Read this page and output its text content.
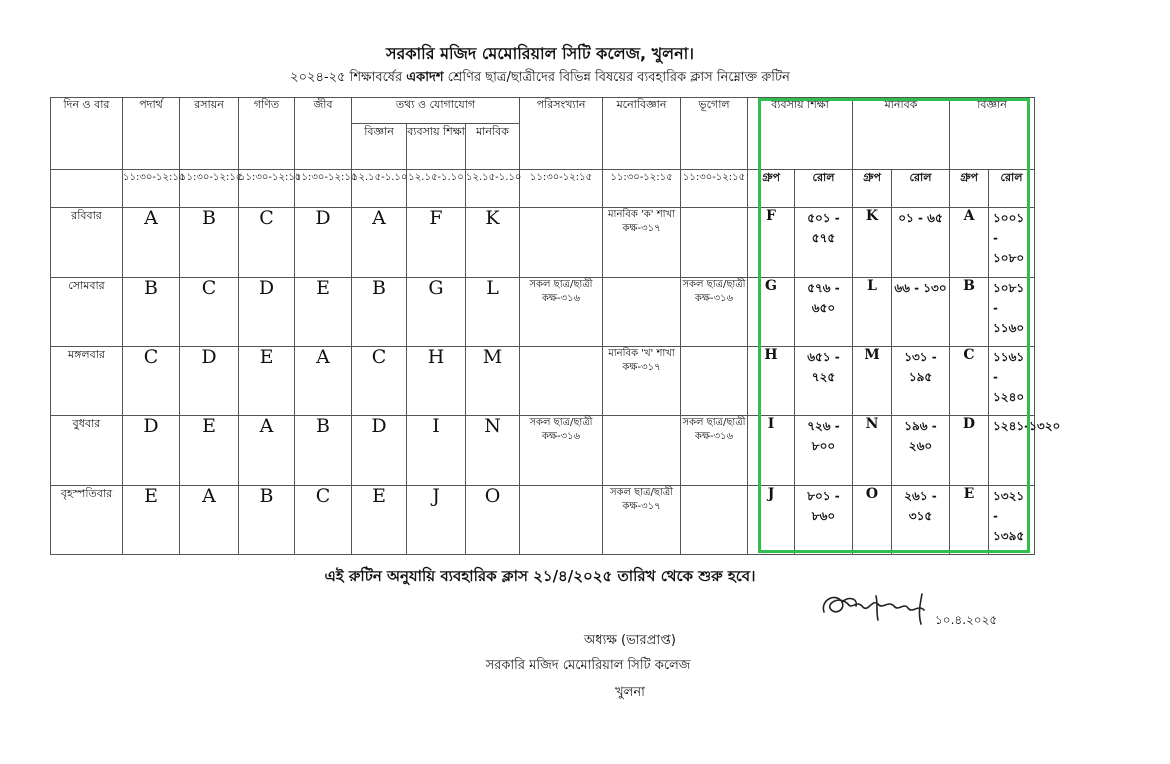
সরকারি মজিদ মেমোরিয়াল সিটি কলেজ, খুলনা।
২০২৪-২৫ শিক্ষাবর্ষের একাদশ শ্রেণির ছাত্র/ছাত্রীদের বিভিন্ন বিষয়ের ব্যবহারিক ক্লাস নিম্নোক্ত রুটিন
দিন ও বার	পদার্থ	রসায়ন	গণিত	জীব	তথ্য ও যোগাযোগ			পরিসংখ্যান	মনোবিজ্ঞান	ভূগোল	ব্যবসায় শিক্ষা		মানবিক		বিজ্ঞান	
					বিজ্ঞান	ব্যবসায় শিক্ষা	মানবিক									
	১১:৩০-১২:১৫	১১:৩০-১২:১৫	১১:৩০-১২:১৫	১১:৩০-১২:১৫	১২.১৫-১.১০	১২.১৫-১.১০	১২.১৫-১.১০	১১:৩০-১২:১৫	১১:৩০-১২:১৫	১১:৩০-১২:১৫	গ্রুপ	রোল	গ্রুপ	রোল	গ্রুপ	রোল
রবিবার	A	B	C	D	A	F	K		মানবিক 'ক' শাখা কক্ষ-৩১৭		F	৫০১ - ৫৭৫	K	০১ - ৬৫	A	১০০১ - ১০৮০
সোমবার	B	C	D	E	B	G	L	সকল ছাত্র/ছাত্রী কক্ষ-৩১৬		সকল ছাত্র/ছাত্রী কক্ষ-৩১৬	G	৫৭৬ - ৬৫০	L	৬৬ - ১৩০	B	১০৮১ - ১১৬০
মঙ্গলবার	C	D	E	A	C	H	M		মানবিক 'খ' শাখা কক্ষ-৩১৭		H	৬৫১ - ৭২৫	M	১৩১ - ১৯৫	C	১১৬১ - ১২৪০
বুধবার	D	E	A	B	D	I	N	সকল ছাত্র/ছাত্রী কক্ষ-৩১৬		সকল ছাত্র/ছাত্রী কক্ষ-৩১৬	I	৭২৬ - ৮০০	N	১৯৬ - ২৬০	D	১২৪১-১৩২০
বৃহস্পতিবার	E	A	B	C	E	J	O		সকল ছাত্র/ছাত্রী কক্ষ-৩১৭		J	৮০১ - ৮৬০	O	২৬১ - ৩১৫	E	১৩২১ - ১৩৯৫
এই রুটিন অনুযায়ি ব্যবহারিক ক্লাস ২১/৪/২০২৫ তারিখ থেকে শুরু হবে।
১০.৪.২০২৫
অধ্যক্ষ (ভারপ্রাপ্ত)
সরকারি মজিদ মেমোরিয়াল সিটি কলেজ
খুলনা
